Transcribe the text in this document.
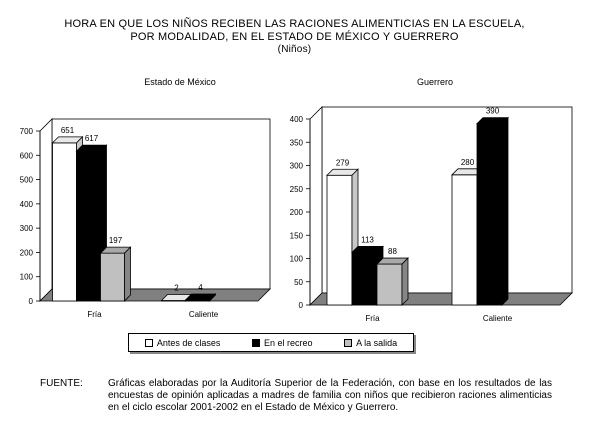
HORA EN QUE LOS NIÑOS RECIBEN LAS RACIONES ALIMENTICIAS EN LA ESCUELA,
POR MODALIDAD, EN EL ESTADO DE MÉXICO Y GUERRERO
(Niños)
Estado de México	Guerrero
0
100
200
300
400
500
600
700
Fría
651
617
197
Caliente
2 4
0
50
100
150
200
250
300
350
400
Fría
279
113
88
Caliente
280
390
Antes de clases	En el recreo	A la salida
FUENTE:	Gráficas elaboradas por la Auditoría Superior de la Federación, con base en los resultados de las encuestas de opinión aplicadas a madres de familia con niños que recibieron raciones alimenticias en el ciclo escolar 2001-2002 en el Estado de México y Guerrero.
